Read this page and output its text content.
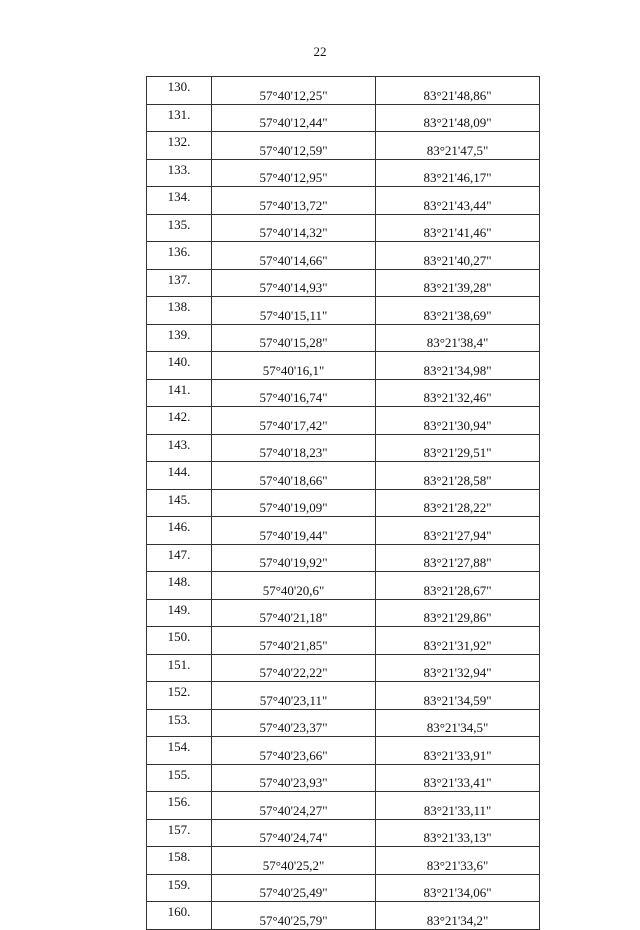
22
130.	57°40'12,25"	83°21'48,86"
131.	57°40'12,44"	83°21'48,09"
132.	57°40'12,59"	83°21'47,5"
133.	57°40'12,95"	83°21'46,17"
134.	57°40'13,72"	83°21'43,44"
135.	57°40'14,32"	83°21'41,46"
136.	57°40'14,66"	83°21'40,27"
137.	57°40'14,93"	83°21'39,28"
138.	57°40'15,11"	83°21'38,69"
139.	57°40'15,28"	83°21'38,4"
140.	57°40'16,1"	83°21'34,98"
141.	57°40'16,74"	83°21'32,46"
142.	57°40'17,42"	83°21'30,94"
143.	57°40'18,23"	83°21'29,51"
144.	57°40'18,66"	83°21'28,58"
145.	57°40'19,09"	83°21'28,22"
146.	57°40'19,44"	83°21'27,94"
147.	57°40'19,92"	83°21'27,88"
148.	57°40'20,6"	83°21'28,67"
149.	57°40'21,18"	83°21'29,86"
150.	57°40'21,85"	83°21'31,92"
151.	57°40'22,22"	83°21'32,94"
152.	57°40'23,11"	83°21'34,59"
153.	57°40'23,37"	83°21'34,5"
154.	57°40'23,66"	83°21'33,91"
155.	57°40'23,93"	83°21'33,41"
156.	57°40'24,27"	83°21'33,11"
157.	57°40'24,74"	83°21'33,13"
158.	57°40'25,2"	83°21'33,6"
159.	57°40'25,49"	83°21'34,06"
160.	57°40'25,79"	83°21'34,2"
